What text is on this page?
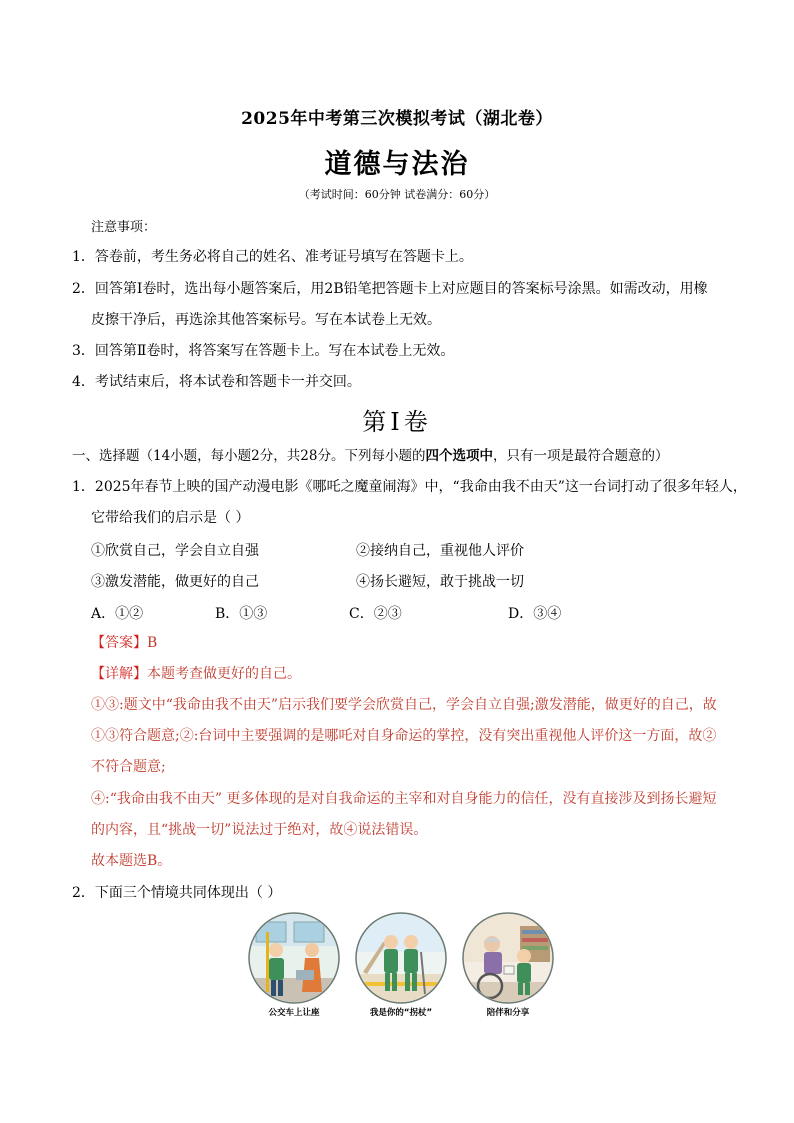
2025年中考第三次模拟考试（湖北卷）
道德与法治
（考试时间：60分钟 试卷满分：60分）
注意事项：
1．答卷前，考生务必将自己的姓名、准考证号填写在答题卡上。
2．回答第Ⅰ卷时，选出每小题答案后，用2B铅笔把答题卡上对应题目的答案标号涂黑。如需改动，用橡
皮擦干净后，再选涂其他答案标号。写在本试卷上无效。
3．回答第Ⅱ卷时，将答案写在答题卡上。写在本试卷上无效。
4．考试结束后，将本试卷和答题卡一并交回。
第Ⅰ卷
一、选择题（14小题，每小题2分，共28分。下列每小题的四个选项中，只有一项是最符合题意的）
1．2025年春节上映的国产动漫电影《哪吒之魔童闹海》中，“我命由我不由天”这一台词打动了很多年轻人，
它带给我们的启示是（ ）
①欣赏自己，学会自立自强	②接纳自己，重视他人评价
③激发潜能，做更好的自己	④扬长避短，敢于挑战一切
A．①②	B．①③	C．②③	D．③④
【答案】B
【详解】本题考查做更好的自己。
①③:题文中“我命由我不由天”启示我们要学会欣赏自己，学会自立自强;激发潜能，做更好的自己，故
①③符合题意;②:台词中主要强调的是哪吒对自身命运的掌控，没有突出重视他人评价这一方面，故②
不符合题意;
④:“我命由我不由天” 更多体现的是对自我命运的主宰和对自身能力的信任，没有直接涉及到扬长避短
的内容，且“挑战一切”说法过于绝对，故④说法错误。
故本题选B。
2．下面三个情境共同体现出（ ）
公交车上让座	我是你的“拐杖”	陪伴和分享
